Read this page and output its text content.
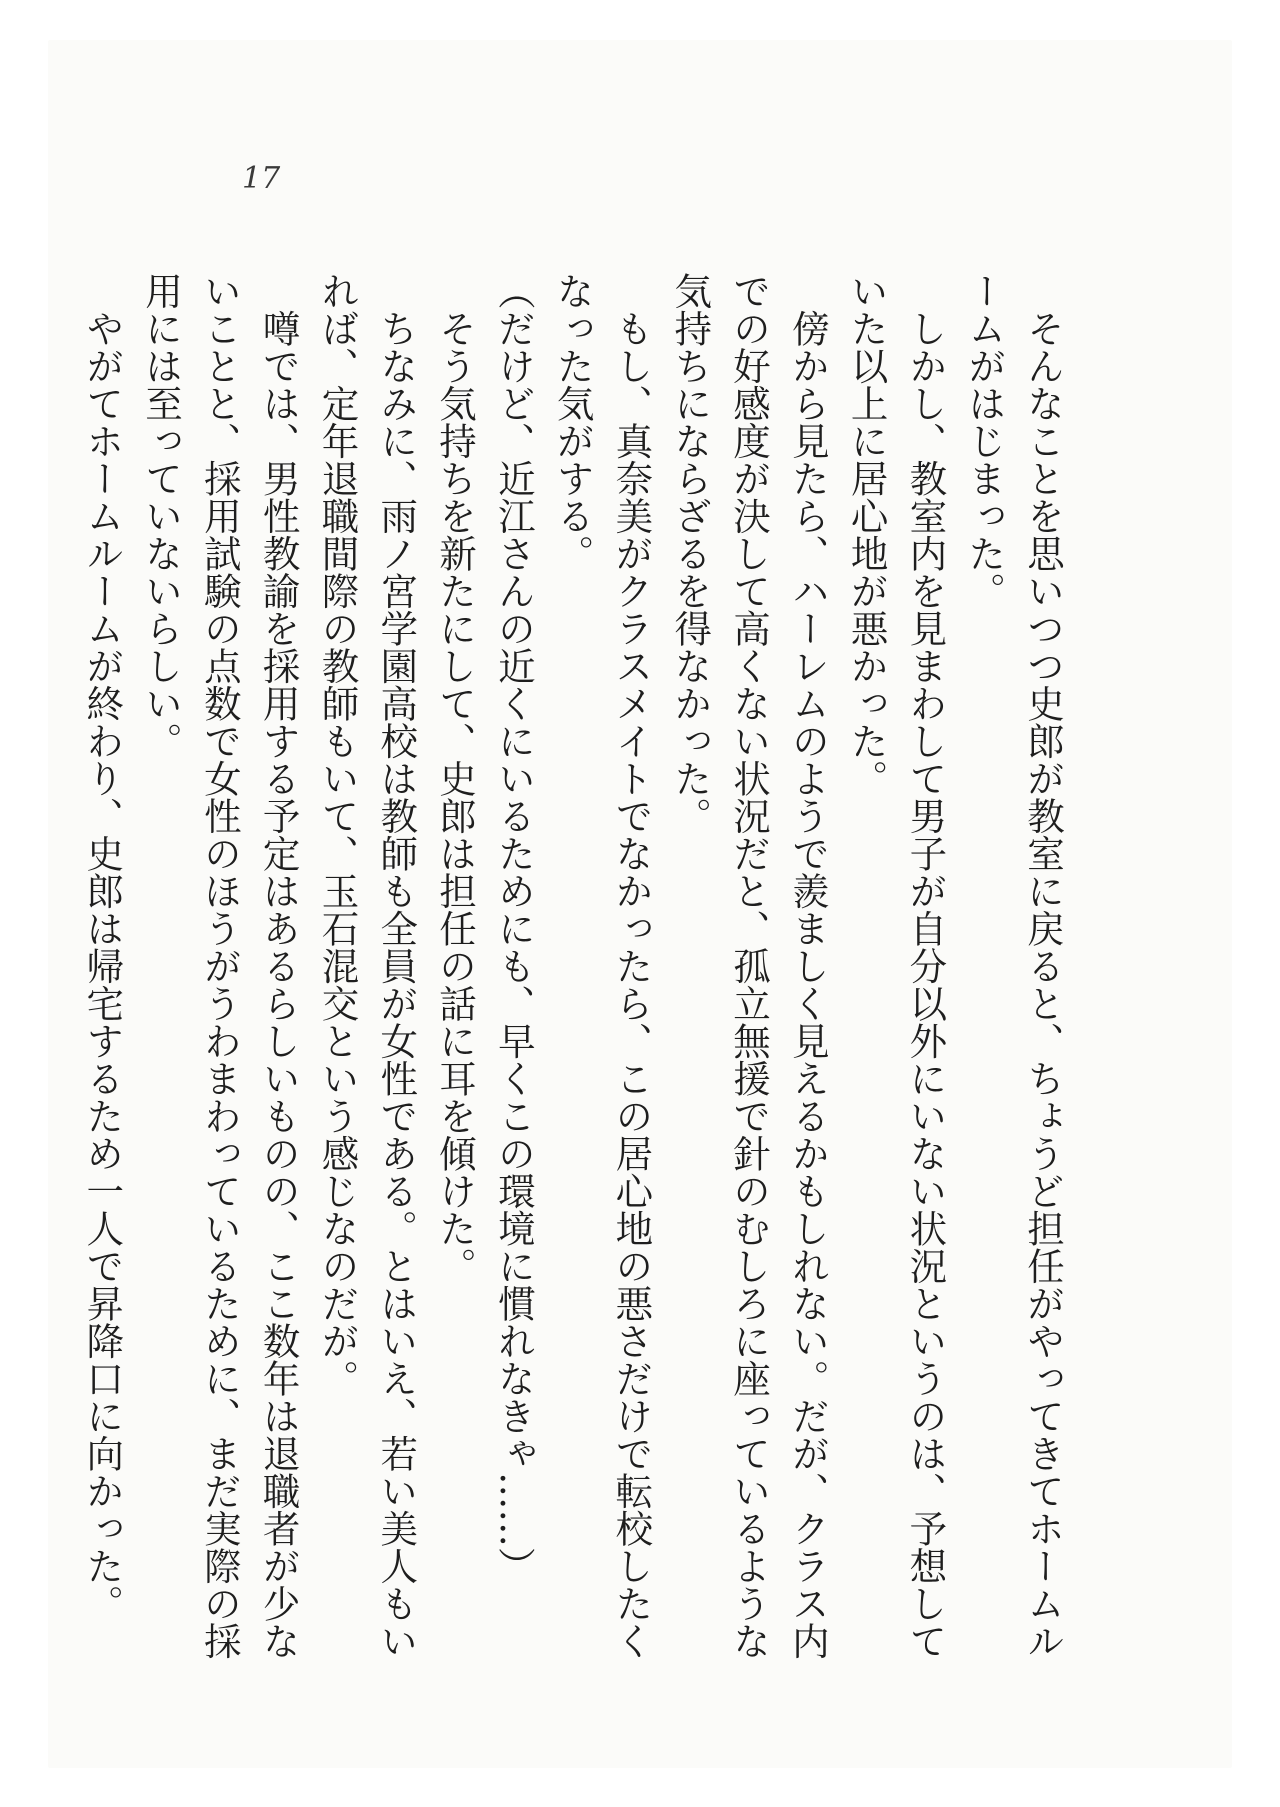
17

　そんなことを思いつつ史郎が教室に戻ると、ちょうど担任がやってきてホームルームがはじまった。

　しかし、教室内を見まわして男子が自分以外にいない状況というのは、予想していた以上に居心地が悪かった。

　傍から見たら、ハーレムのようで羨ましく見えるかもしれない。だが、クラス内での好感度が決して高くない状況だと、孤立無援で針のむしろに座っているような気持ちにならざるを得なかった。

　もし、真奈美がクラスメイトでなかったら、この居心地の悪さだけで転校したくなった気がする。

（だけど、近江さんの近くにいるためにも、早くこの環境に慣れなきゃ……）

　そう気持ちを新たにして、史郎は担任の話に耳を傾けた。

　ちなみに、雨ノ宮学園高校は教師も全員が女性である。とはいえ、若い美人もいれば、定年退職間際の教師もいて、玉石混交という感じなのだが。

　噂では、男性教諭を採用する予定はあるらしいものの、ここ数年は退職者が少ないことと、採用試験の点数で女性のほうがうわまわっているために、まだ実際の採用には至っていないらしい。

　やがてホームルームが終わり、史郎は帰宅するため一人で昇降口に向かった。
